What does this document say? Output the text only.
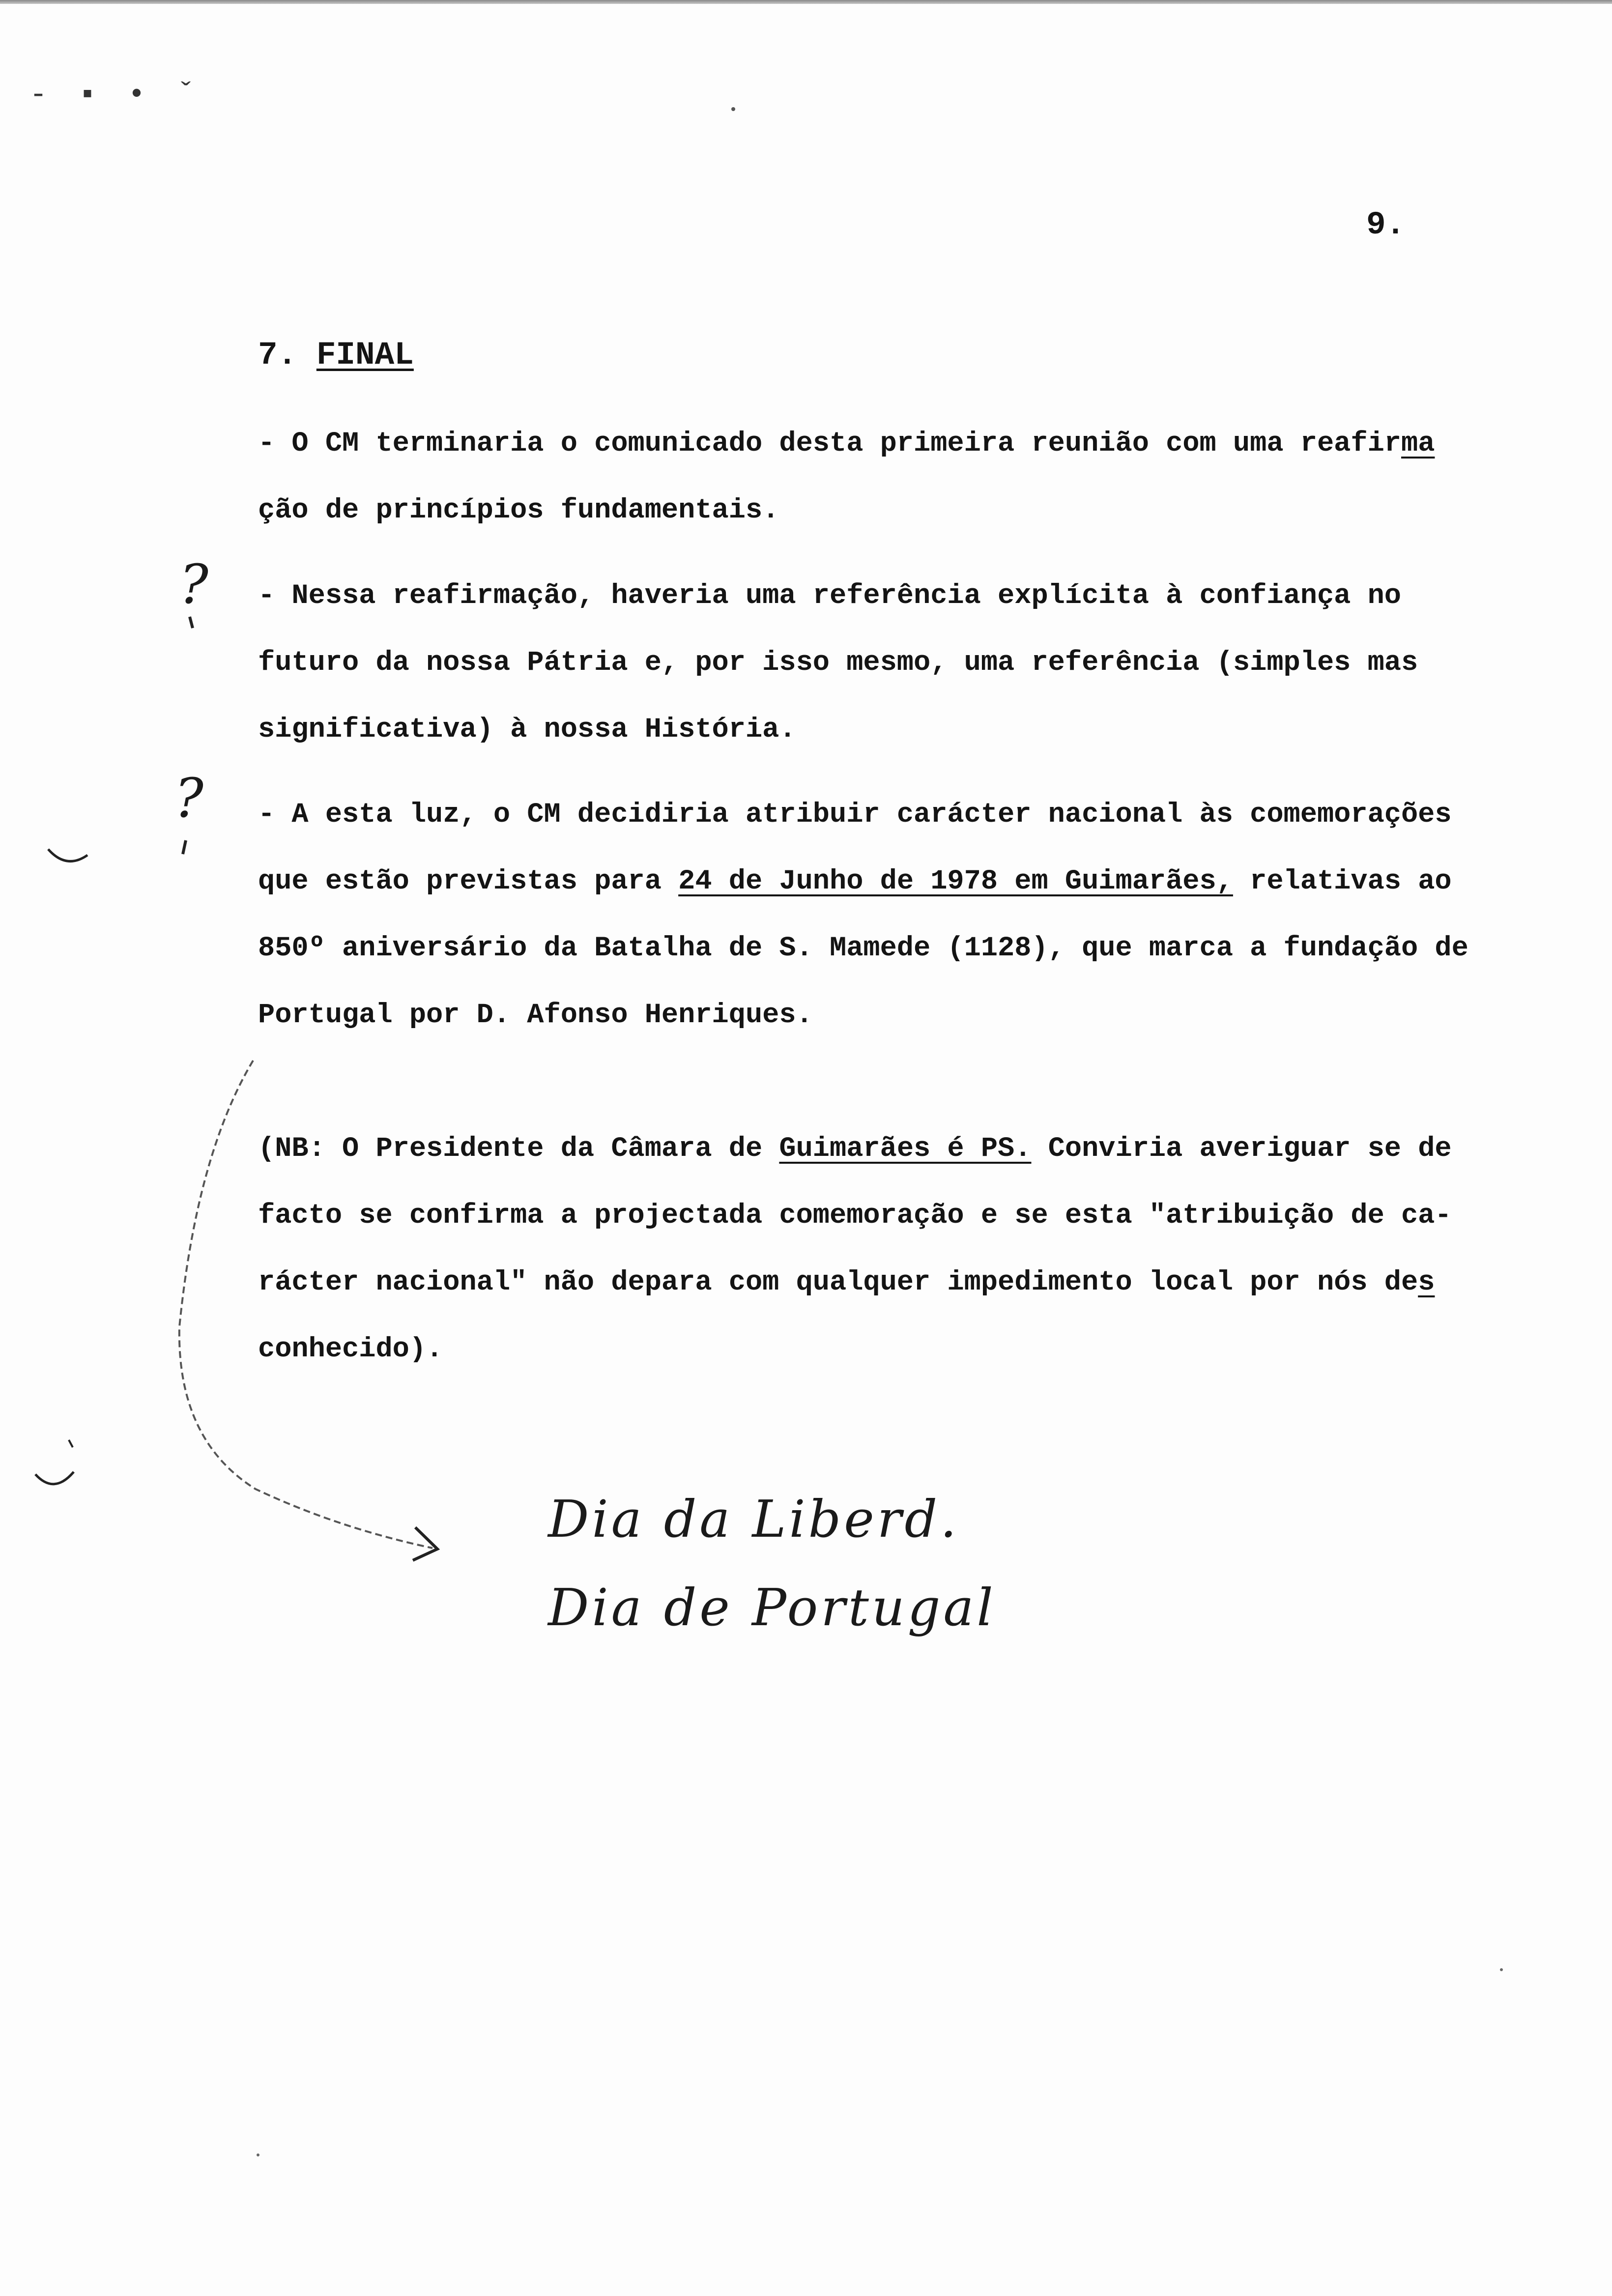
- ▪ • ˇ
9.
7. FINAL
- O CM terminaria o comunicado desta primeira reunião com uma reafirma
ção de princípios fundamentais.
- Nessa reafirmação, haveria uma referência explícita à confiança no
futuro da nossa Pátria e, por isso mesmo, uma referência (simples mas
significativa) à nossa História.
- A esta luz, o CM decidiria atribuir carácter nacional às comemorações
que estão previstas para 24 de Junho de 1978 em Guimarães, relativas ao
850º aniversário da Batalha de S. Mamede (1128), que marca a fundação de
Portugal por D. Afonso Henriques.
(NB: O Presidente da Câmara de Guimarães é PS. Conviria averiguar se de
facto se confirma a projectada comemoração e se esta "atribuição de ca-
rácter nacional" não depara com qualquer impedimento local por nós des
conhecido).
?
?
Dia da Liberd.
Dia de Portugal
